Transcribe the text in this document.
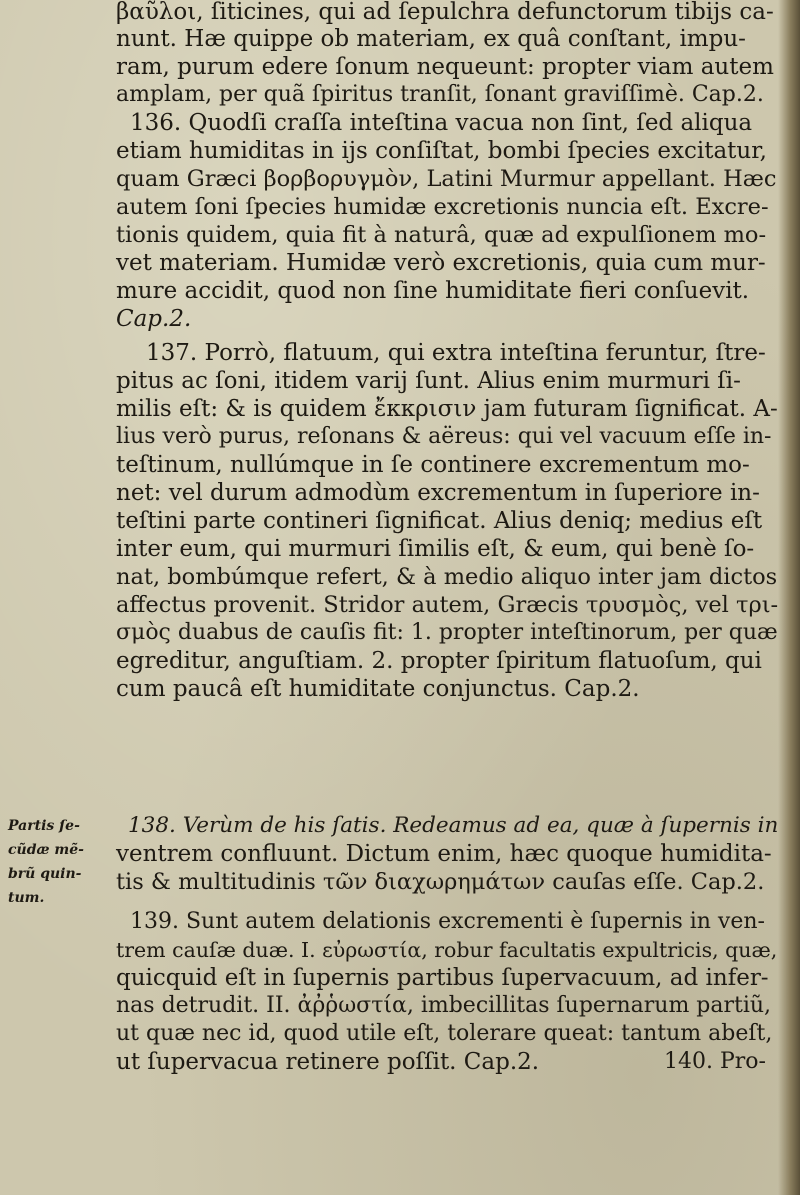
βαῦλοι, ſiticines, qui ad ſepulchra defunctorum tibijs ca-
nunt. Hæ quippe ob materiam, ex quâ conſtant, impu-
ram, purum edere ſonum nequeunt: propter viam autem
amplam, per quã ſpiritus tranſit, ſonant graviſſimè. Cap.2.
136. Quodſi craſſa inteſtina vacua non ſint, ſed aliqua
etiam humiditas in ijs conſiſtat, bombi ſpecies excitatur,
quam Græci βορβορυγμὸν, Latini Murmur appellant. Hæc
autem ſoni ſpecies humidæ excretionis nuncia eſt. Excre-
tionis quidem, quia fit à naturâ, quæ ad expulſionem mo-
vet materiam. Humidæ verò excretionis, quia cum mur-
mure accidit, quod non ſine humiditate fieri conſuevit.
Cap.2.
137. Porrò, flatuum, qui extra inteſtina feruntur, ſtre-
pitus ac ſoni, itidem varij ſunt. Alius enim murmuri ſi-
milis eſt: & is quidem ἔκκρισιν jam futuram ſignificat. A-
lius verò purus, reſonans & aëreus: qui vel vacuum eſſe in-
teſtinum, nullúmque in ſe continere excrementum mo-
net: vel durum admodùm excrementum in ſuperiore in-
teſtini parte contineri ſignificat. Alius deniq; medius eſt
inter eum, qui murmuri ſimilis eſt, & eum, qui benè ſo-
nat, bombúmque refert, & à medio aliquo inter jam dictos
affectus provenit. Stridor autem, Græcis τρυσμὸς, vel τρι-
σμὸς duabus de cauſis fit: 1. propter inteſtinorum, per quæ
egreditur, anguſtiam. 2. propter ſpiritum flatuoſum, qui
cum paucâ eſt humiditate conjunctus. Cap.2.
138. Verùm de his ſatis. Redeamus ad ea, quæ à ſupernis in
ventrem confluunt. Dictum enim, hæc quoque humidita-
tis & multitudinis τῶν διαχωρημάτων cauſas eſſe. Cap.2.
139. Sunt autem delationis excrementi è ſupernis in ven-
trem cauſæ duæ. I. εὐρωστία, robur facultatis expultricis, quæ,
quicquid eſt in ſupernis partibus ſupervacuum, ad infer-
nas detrudit. II. ἀῤῥωστία, imbecillitas ſupernarum partiũ,
ut quæ nec id, quod utile eſt, tolerare queat: tantum abeſt,
ut ſupervacua retinere poſſit. Cap.2.
Partis ſe-
cũdæ mẽ-
brũ quin-
tum.
140. Pro-
